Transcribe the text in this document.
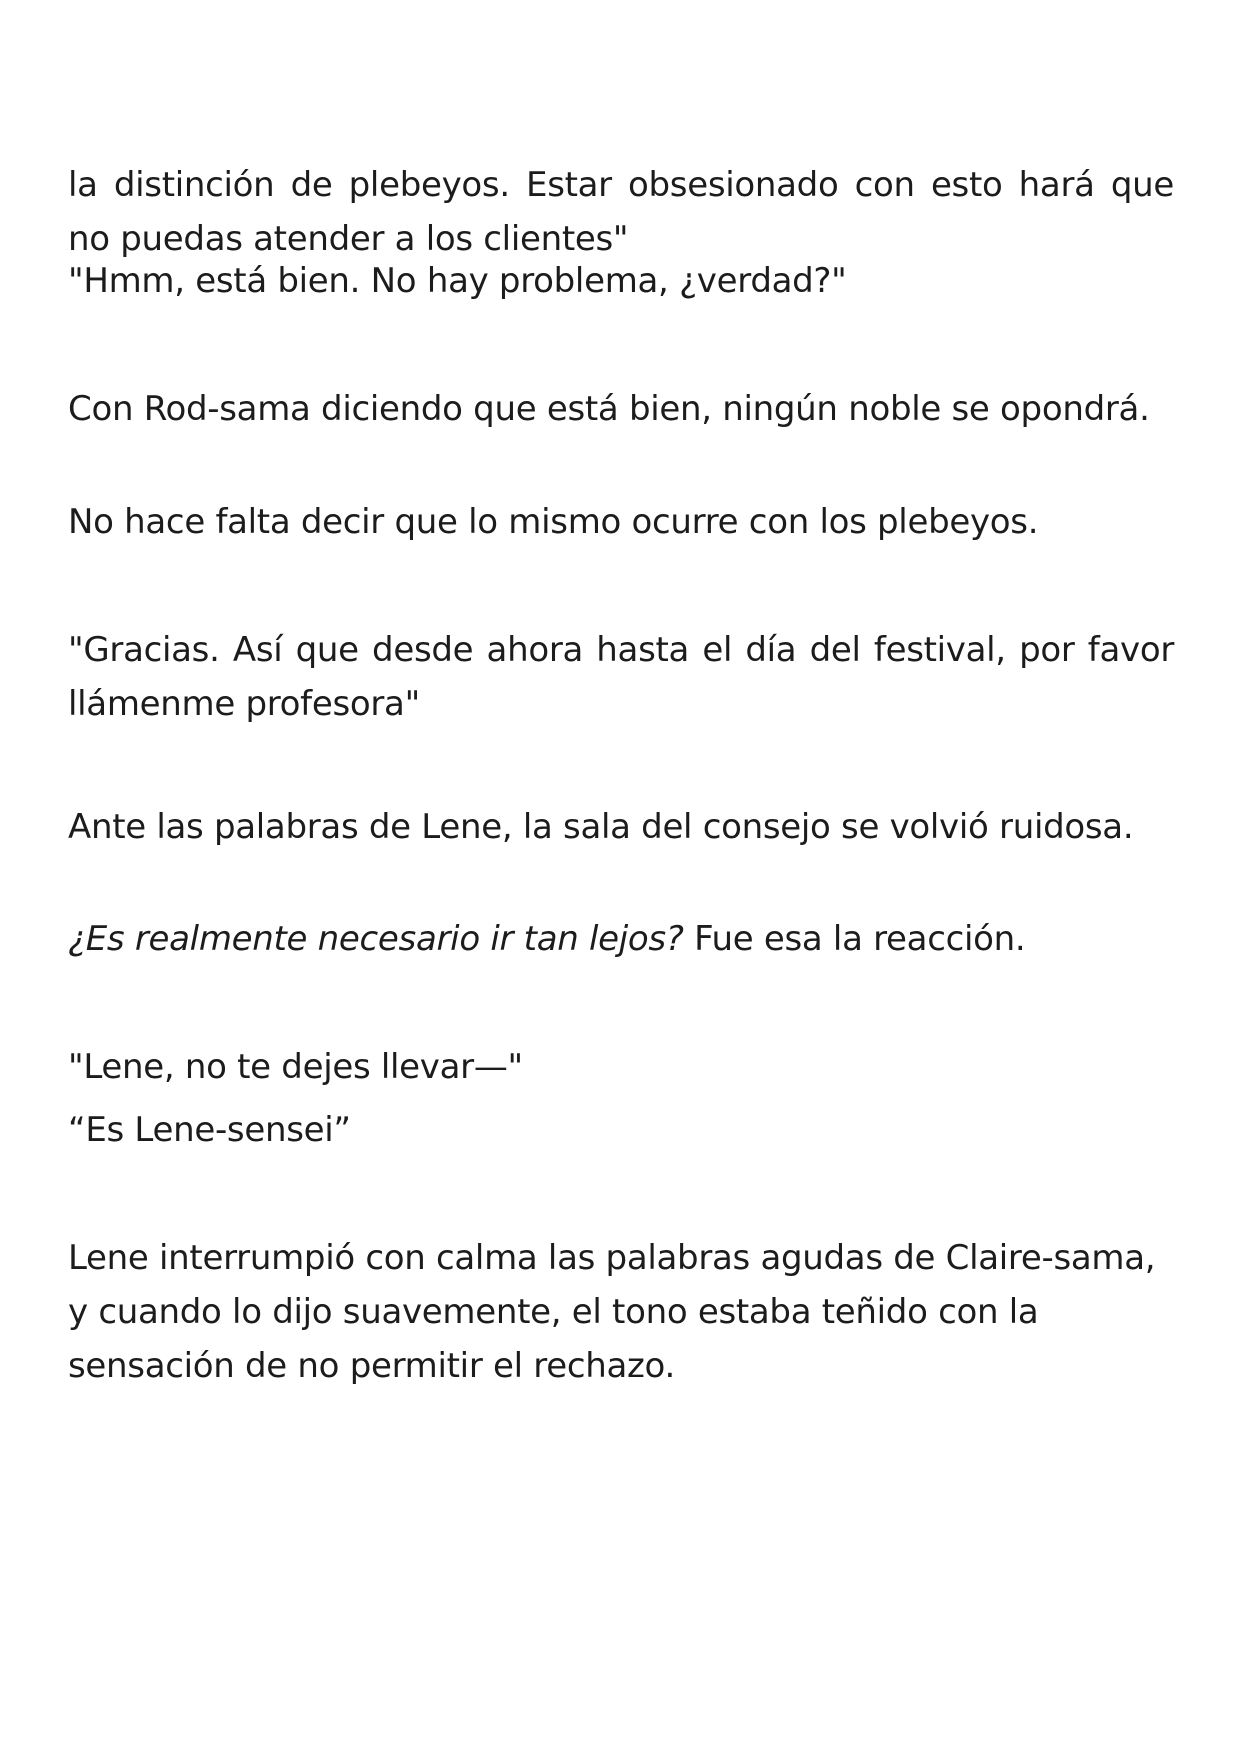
la distinción de plebeyos. Estar obsesionado con esto hará que no puedas atender a los clientes"

"Hmm, está bien. No hay problema, ¿verdad?"

Con Rod-sama diciendo que está bien, ningún noble se opondrá.

No hace falta decir que lo mismo ocurre con los plebeyos.

"Gracias. Así que desde ahora hasta el día del festival, por favor llámenme profesora"

Ante las palabras de Lene, la sala del consejo se volvió ruidosa.

¿Es realmente necesario ir tan lejos? Fue esa la reacción.

"Lene, no te dejes llevar—"

“Es Lene-sensei”

Lene interrumpió con calma las palabras agudas de Claire-sama, y cuando lo dijo suavemente, el tono estaba teñido con la sensación de no permitir el rechazo.
